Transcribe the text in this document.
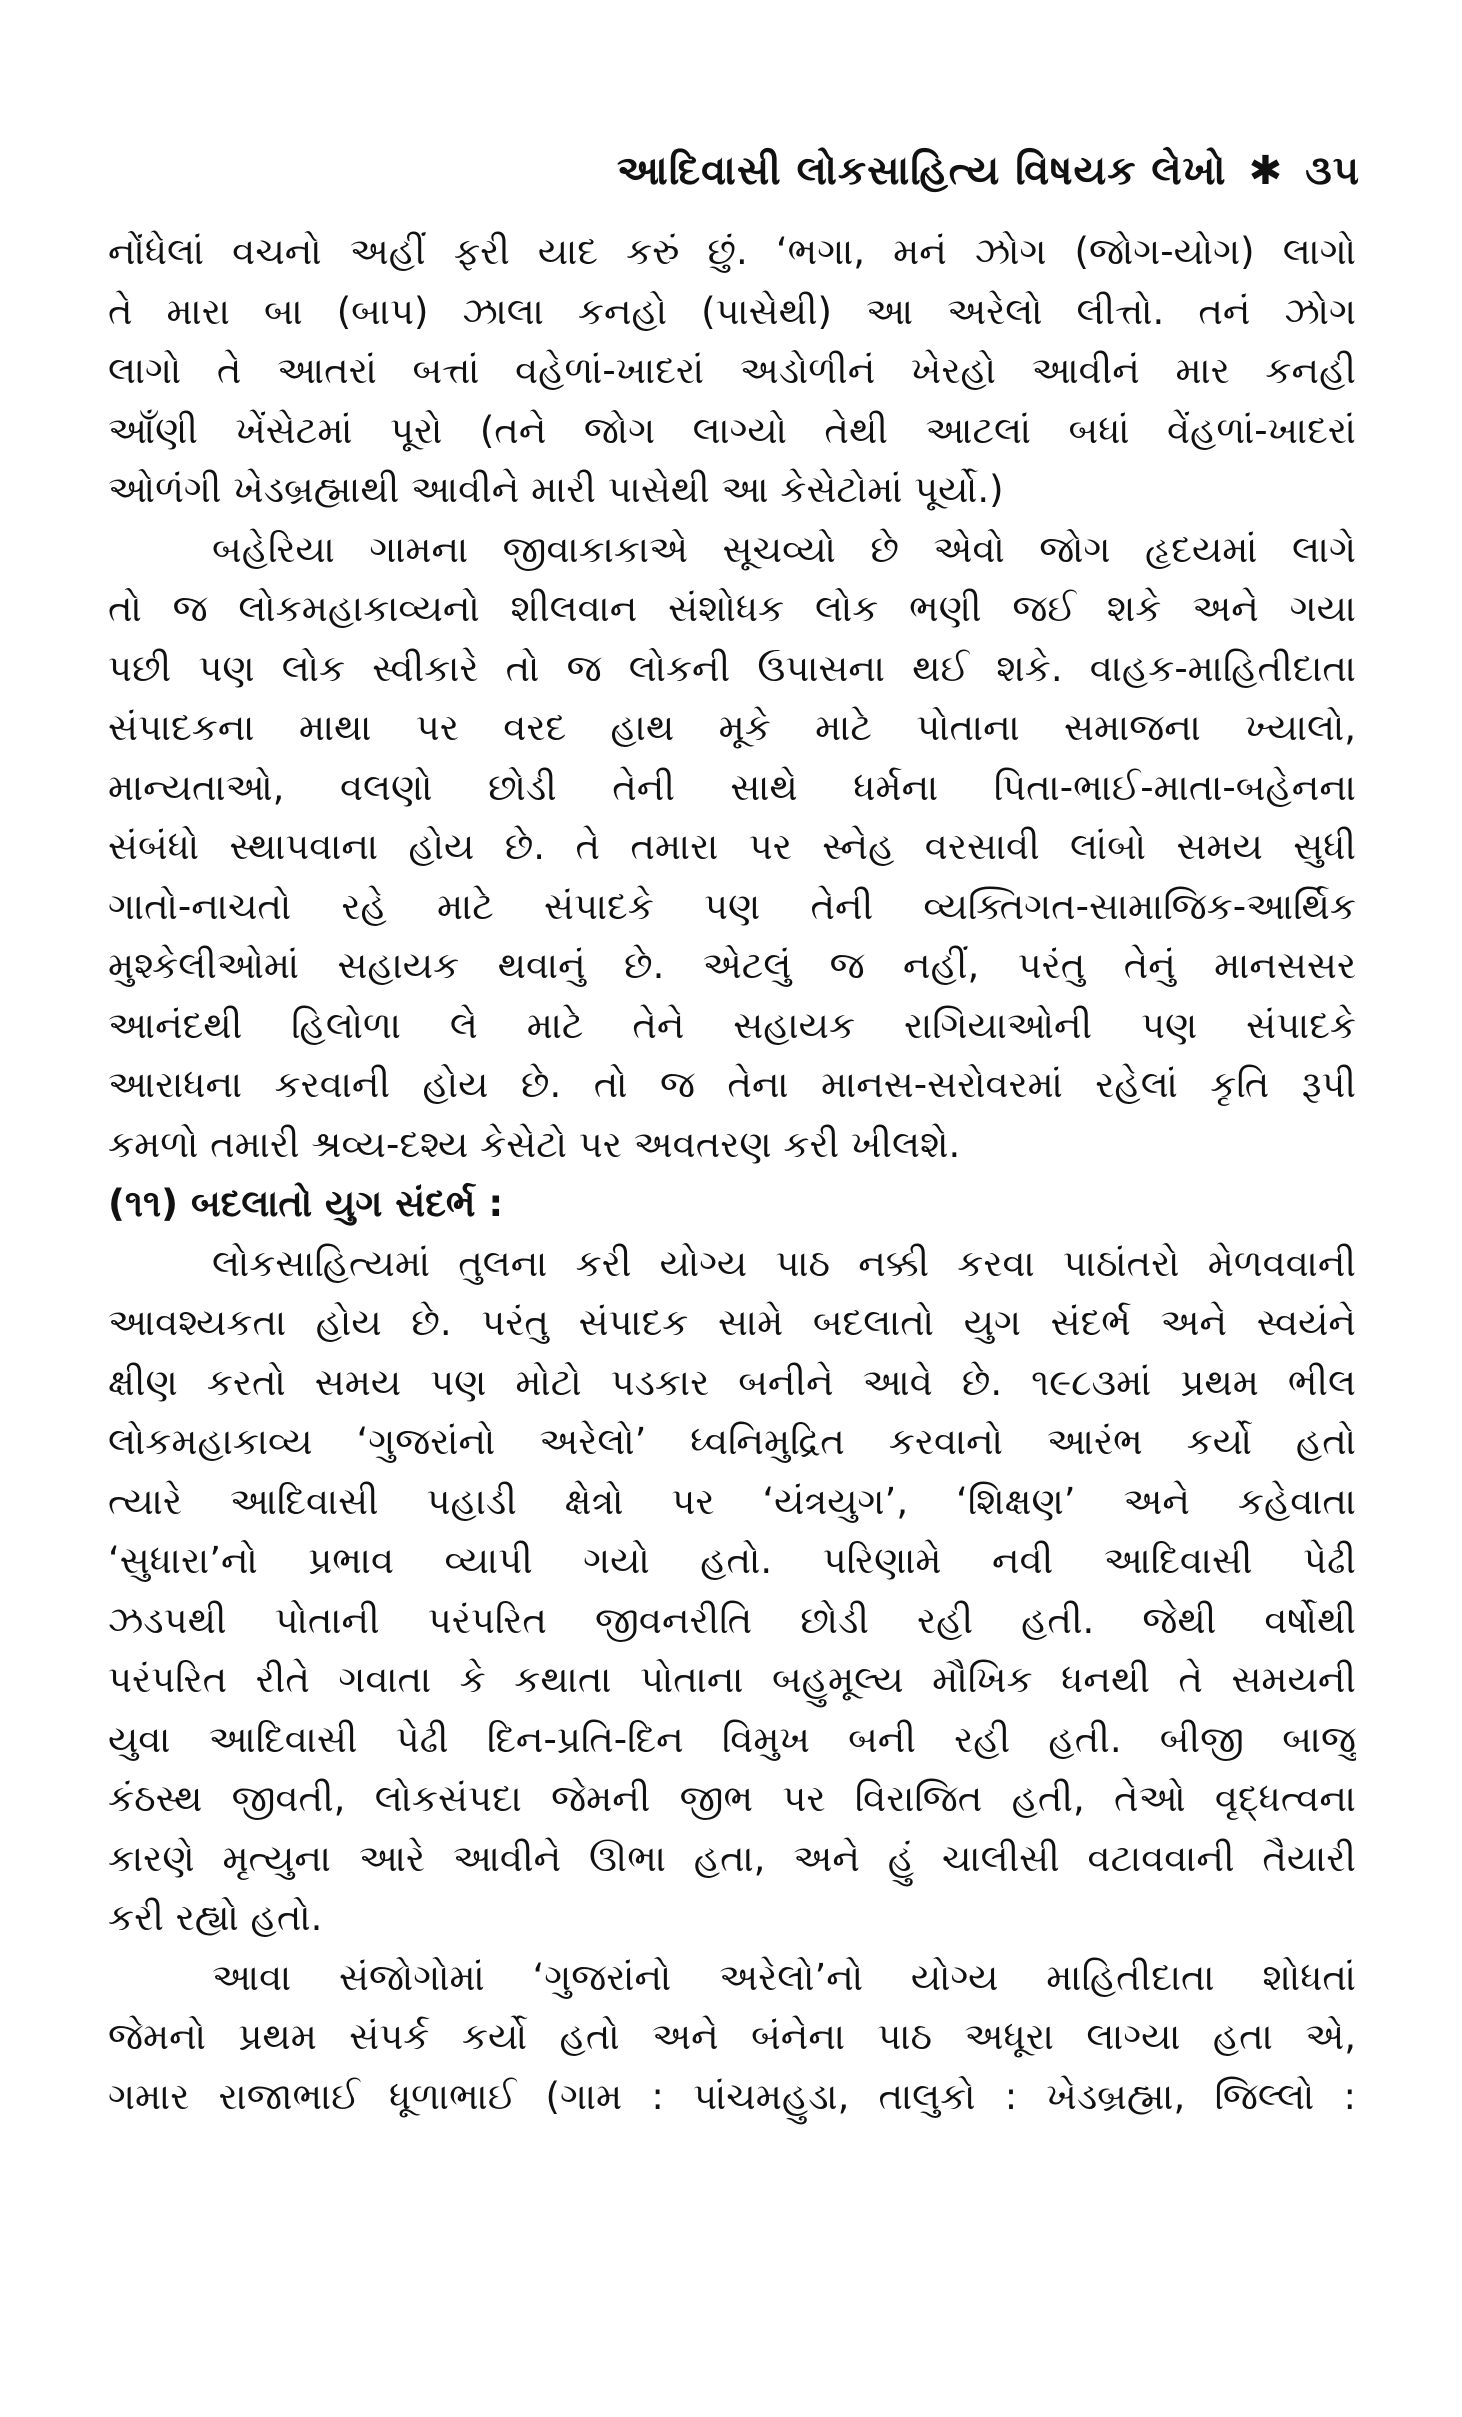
આદિવાસી લોકસાહિત્ય વિષયક લેખો ✱ ૩૫
નોંધેલાં વચનો અહીં ફરી યાદ કરું છું. ‘ભગા, મનં ઝોગ (જોગ-યોગ) લાગો
તે મારા બા (બાપ) ઝાલા કનહો (પાસેથી) આ અરેલો લીત્તો. તનં ઝોગ
લાગો તે આતરાં બત્તાં વહેળાં-ખાદરાં અડોળીનં ખેરહો આવીનં માર કનહી
આઁણી ખેંસેટમાં પૂરો (તને જોગ લાગ્યો તેથી આટલાં બધાં વેંહળાં-ખાદરાં
ઓળંગી ખેડબ્રહ્માથી આવીને મારી પાસેથી આ કેસેટોમાં પૂર્યો.)
બહેરિયા ગામના જીવાકાકાએ સૂચવ્યો છે એવો જોગ હૃદયમાં લાગે
તો જ લોકમહાકાવ્યનો શીલવાન સંશોધક લોક ભણી જઈ શકે અને ગયા
પછી પણ લોક સ્વીકારે તો જ લોકની ઉપાસના થઈ શકે. વાહક-માહિતીદાતા
સંપાદકના માથા પર વરદ હાથ મૂકે માટે પોતાના સમાજના ખ્યાલો,
માન્યતાઓ, વલણો છોડી તેની સાથે ધર્મના પિતા-ભાઈ-માતા-બહેનના
સંબંધો સ્થાપવાના હોય છે. તે તમારા પર સ્નેહ વરસાવી લાંબો સમય સુધી
ગાતો-નાચતો રહે માટે સંપાદકે પણ તેની વ્યક્તિગત-સામાજિક-આર્થિક
મુશ્કેલીઓમાં સહાયક થવાનું છે. એટલું જ નહીં, પરંતુ તેનું માનસસર
આનંદથી હિલોળા લે માટે તેને સહાયક રાગિયાઓની પણ સંપાદકે
આરાધના કરવાની હોય છે. તો જ તેના માનસ-સરોવરમાં રહેલાં કૃતિ રૂપી
કમળો તમારી શ્રવ્ય-દશ્ય કેસેટો પર અવતરણ કરી ખીલશે.
(૧૧) બદલાતો યુગ સંદર્ભ :
લોકસાહિત્યમાં તુલના કરી યોગ્ય પાઠ નક્કી કરવા પાઠાંતરો મેળવવાની
આવશ્યકતા હોય છે. પરંતુ સંપાદક સામે બદલાતો યુગ સંદર્ભ અને સ્વયંને
ક્ષીણ કરતો સમય પણ મોટો પડકાર બનીને આવે છે. ૧૯૮૩માં પ્રથમ ભીલ
લોકમહાકાવ્ય ‘ગુજરાંનો અરેલો’ ધ્વનિમુદ્રિત કરવાનો આરંભ કર્યો હતો
ત્યારે આદિવાસી પહાડી ક્ષેત્રો પર ‘યંત્રયુગ’, ‘શિક્ષણ’ અને કહેવાતા
‘સુધારા’નો પ્રભાવ વ્યાપી ગયો હતો. પરિણામે નવી આદિવાસી પેઢી
ઝડપથી પોતાની પરંપરિત જીવનરીતિ છોડી રહી હતી. જેથી વર્ષોથી
પરંપરિત રીતે ગવાતા કે કથાતા પોતાના બહુમૂલ્ય મૌખિક ધનથી તે સમયની
યુવા આદિવાસી પેઢી દિન-પ્રતિ-દિન વિમુખ બની રહી હતી. બીજી બાજુ
કંઠસ્થ જીવતી, લોકસંપદા જેમની જીભ પર વિરાજિત હતી, તેઓ વૃદ્ધત્વના
કારણે મૃત્યુના આરે આવીને ઊભા હતા, અને હું ચાલીસી વટાવવાની તૈયારી
કરી રહ્યો હતો.
આવા સંજોગોમાં ‘ગુજરાંનો અરેલો’નો યોગ્ય માહિતીદાતા શોધતાં
જેમનો પ્રથમ સંપર્ક કર્યો હતો અને બંનેના પાઠ અધૂરા લાગ્યા હતા એ,
ગમાર રાજાભાઈ ધૂળાભાઈ (ગામ : પાંચમહુડા, તાલુકો : ખેડબ્રહ્મા, જિલ્લો :
